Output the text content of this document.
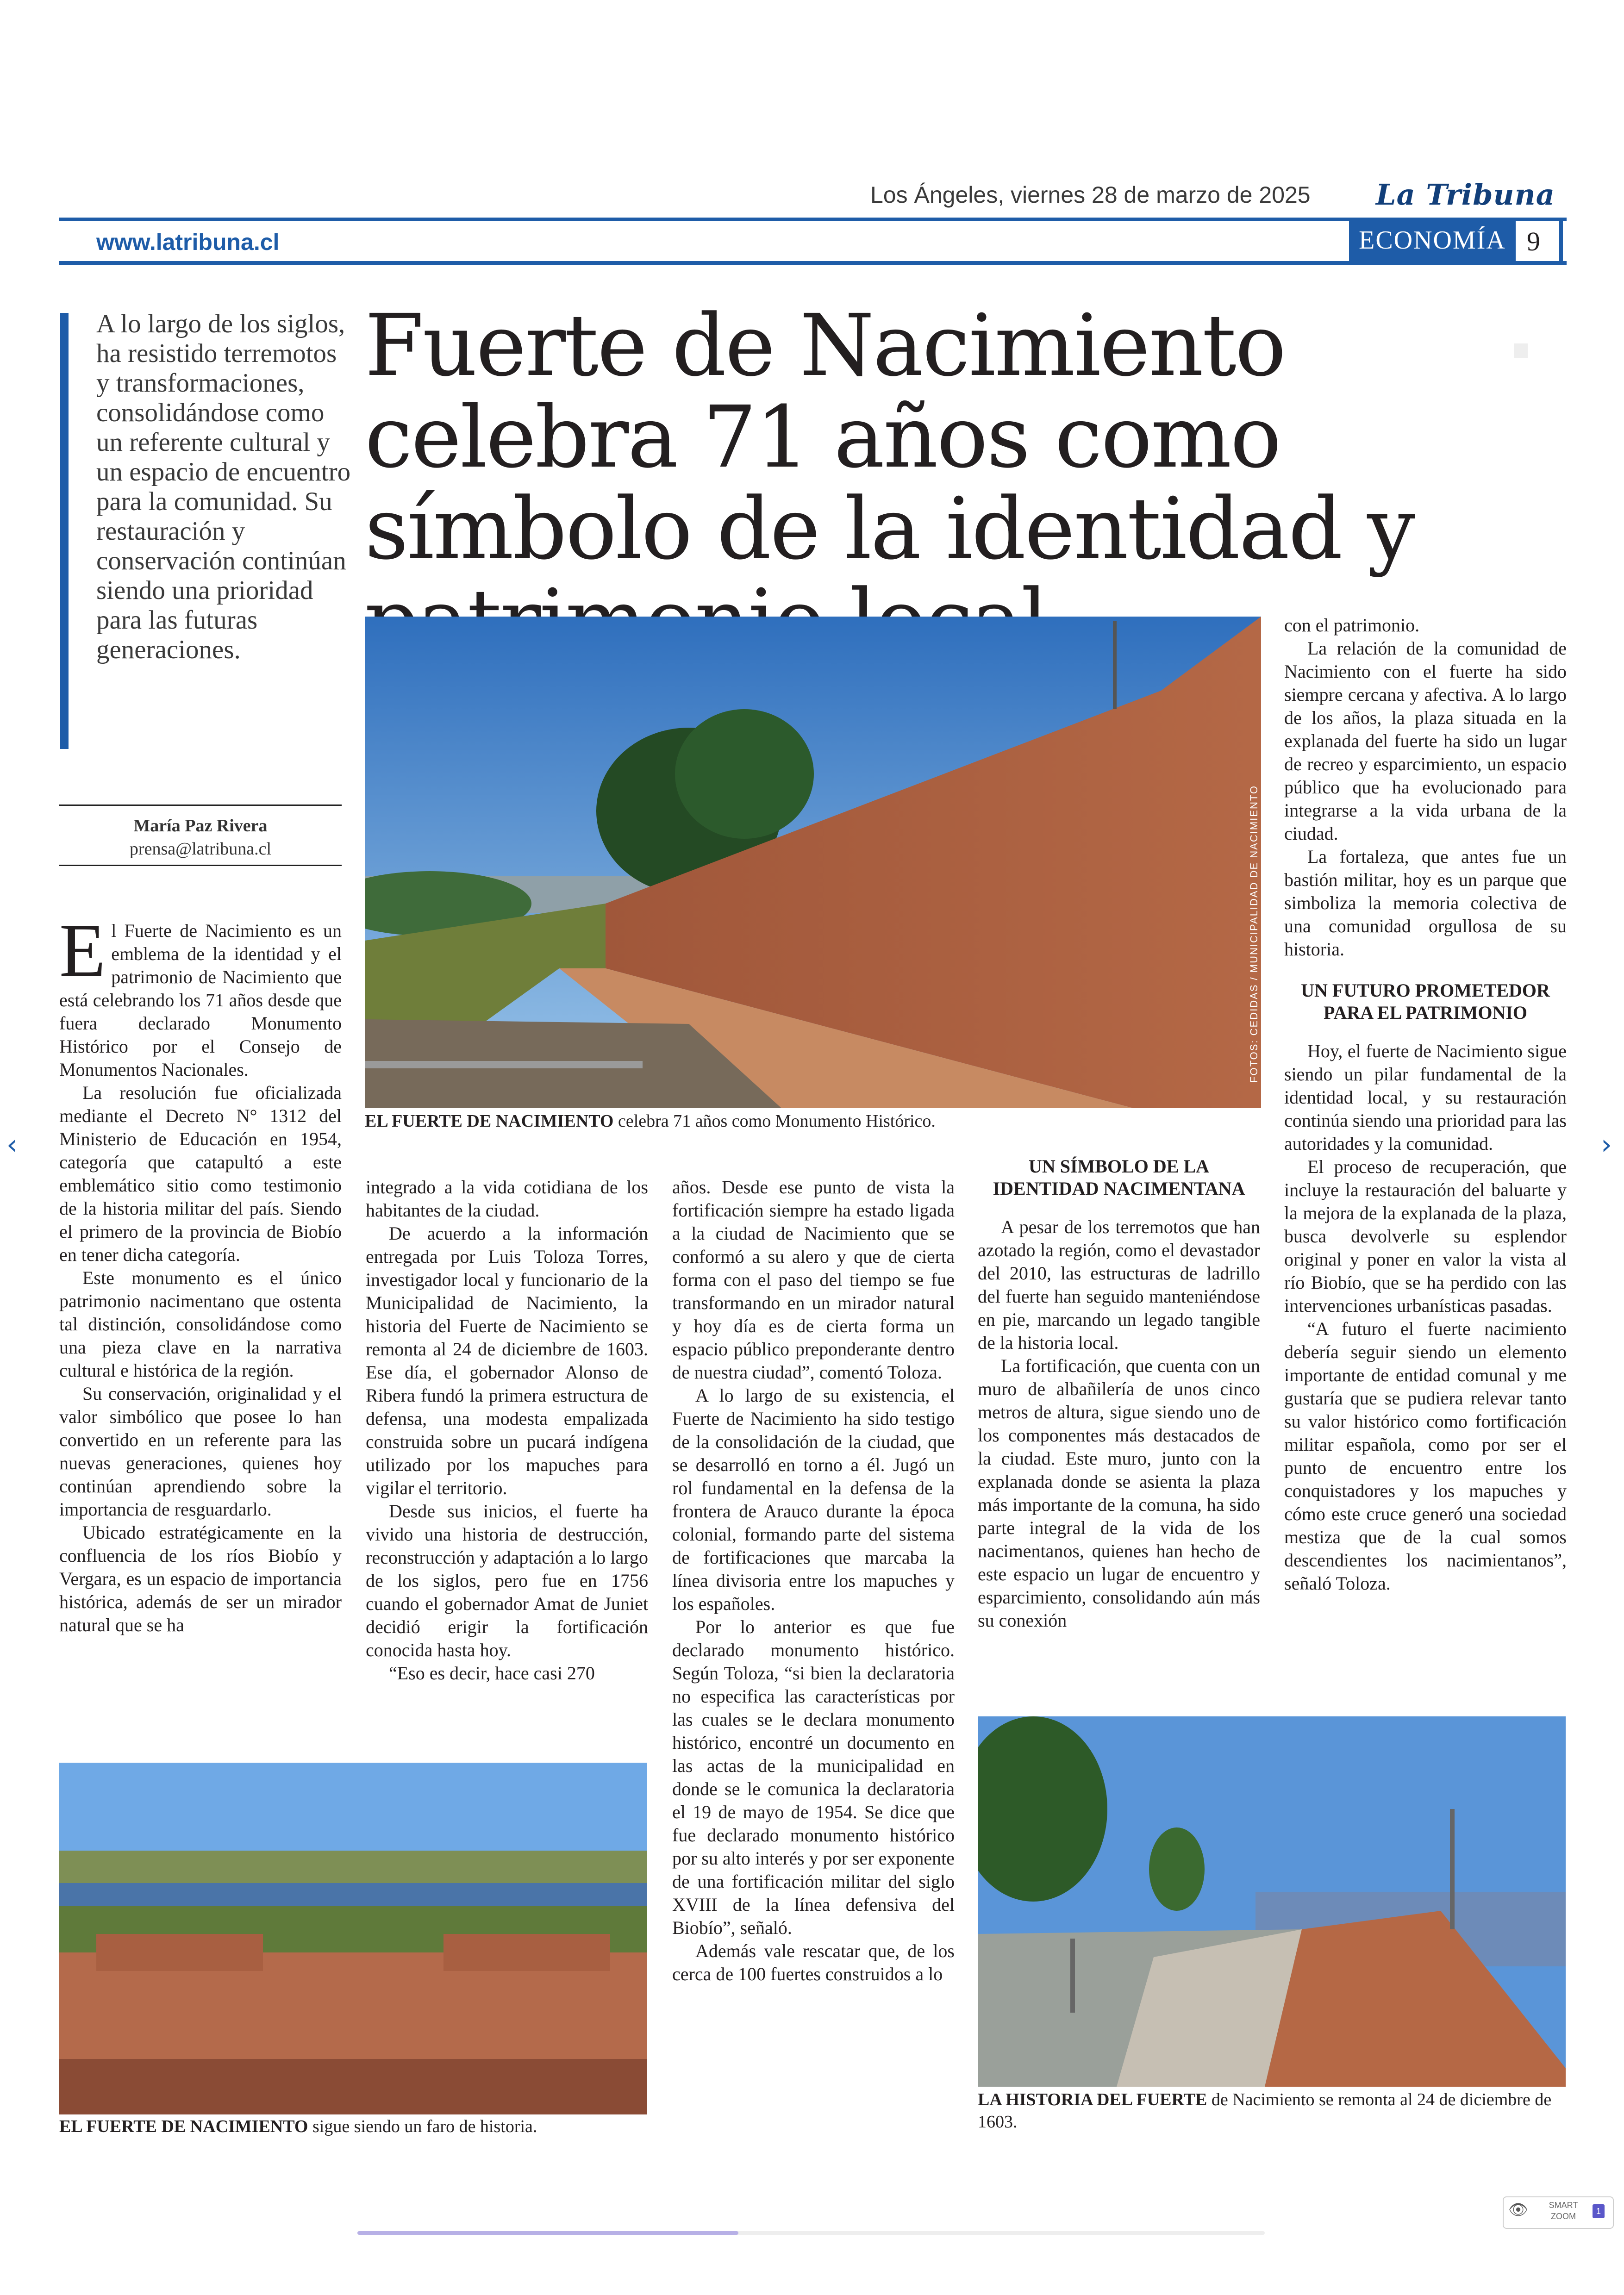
Los Ángeles, viernes 28 de marzo de 2025 La Tribuna
www.latribuna.cl	ECONOMÍA 9
A lo largo de los siglos, ha resistido terremotos y transformaciones, consolidándose como un referente cultural y un espacio de encuentro para la comunidad. Su restauración y conservación continúan siendo una prioridad para las futuras generaciones.
María Paz Rivera
prensa@latribuna.cl
Fuerte de Nacimiento celebra 71 años como símbolo de la identidad y
FOTOS: CEDIDAS / MUNICIPALIDAD DE NACIMIENTO
EL FUERTE DE NACIMIENTO celebra 71 años como Monumento Histórico.

El Fuerte de Nacimiento es un emblema de la identidad y el patrimonio de Nacimiento que está celebrando los 71 años desde que fuera declarado Monumento Histórico por el Consejo de Monumentos Nacionales.

La resolución fue oficializada mediante el Decreto N° 1312 del Ministerio de Educación en 1954, categoría que catapultó a este emblemático sitio como testimonio de la historia militar del país. Siendo el primero de la provincia de Biobío en tener dicha categoría.

Este monumento es el único patrimonio nacimentano que ostenta tal distinción, consolidándose como una pieza clave en la narrativa cultural e histórica de la región.

Su conservación, originalidad y el valor simbólico que posee lo han convertido en un referente para las nuevas generaciones, quienes hoy continúan aprendiendo sobre la importancia de resguardarlo.

Ubicado estratégicamente en la confluencia de los ríos Biobío y Vergara, es un espacio de importancia histórica, además de ser un mirador natural que se ha

integrado a la vida cotidiana de los habitantes de la ciudad.

De acuerdo a la información entregada por Luis Toloza Torres, investigador local y funcionario de la Municipalidad de Nacimiento, la historia del Fuerte de Nacimiento se remonta al 24 de diciembre de 1603. Ese día, el gobernador Alonso de Ribera fundó la primera estructura de defensa, una modesta empalizada construida sobre un pucará indígena utilizado por los mapuches para vigilar el territorio.

Desde sus inicios, el fuerte ha vivido una historia de destrucción, reconstrucción y adaptación a lo largo de los siglos, pero fue en 1756 cuando el gobernador Amat de Juniet decidió erigir la fortificación conocida hasta hoy.

“Eso es decir, hace casi 270

años. Desde ese punto de vista la fortificación siempre ha estado ligada a la ciudad de Nacimiento que se conformó a su alero y que de cierta forma con el paso del tiempo se fue transformando en un mirador natural y hoy día es de cierta forma un espacio público preponderante dentro de nuestra ciudad”, comentó Toloza.

A lo largo de su existencia, el Fuerte de Nacimiento ha sido testigo de la consolidación de la ciudad, que se desarrolló en torno a él. Jugó un rol fundamental en la defensa de la frontera de Arauco durante la época colonial, formando parte del sistema de fortificaciones que marcaba la línea divisoria entre los mapuches y los españoles.

Por lo anterior es que fue declarado monumento histórico. Según Toloza, “si bien la declaratoria no especifica las características por las cuales se le declara monumento histórico, encontré un documento en las actas de la municipalidad en donde se le comunica la declaratoria el 19 de mayo de 1954. Se dice que fue declarado monumento histórico por su alto interés y por ser exponente de una fortificación militar del siglo XVIII de la línea defensiva del Biobío”, señaló.

Además vale rescatar que, de los cerca de 100 fuertes construidos a lo

UN SÍMBOLO DE LA IDENTIDAD NACIMENTANA

A pesar de los terremotos que han azotado la región, como el devastador del 2010, las estructuras de ladrillo del fuerte han seguido manteniéndose en pie, marcando un legado tangible de la historia local.

La fortificación, que cuenta con un muro de albañilería de unos cinco metros de altura, sigue siendo uno de los componentes más destacados de la ciudad. Este muro, junto con la explanada donde se asienta la plaza más importante de la comuna, ha sido parte integral de la vida de los nacimentanos, quienes han hecho de este espacio un lugar de encuentro y esparcimiento, consolidando aún más su conexión

con el patrimonio.

La relación de la comunidad de Nacimiento con el fuerte ha sido siempre cercana y afectiva. A lo largo de los años, la plaza situada en la explanada del fuerte ha sido un lugar de recreo y esparcimiento, un espacio público que ha evolucionado para integrarse a la vida urbana de la ciudad.

La fortaleza, que antes fue un bastión militar, hoy es un parque que simboliza la memoria colectiva de una comunidad orgullosa de su historia.

UN FUTURO PROMETEDOR PARA EL PATRIMONIO

Hoy, el fuerte de Nacimiento sigue siendo un pilar fundamental de la identidad local, y su restauración continúa siendo una prioridad para las autoridades y la comunidad.

El proceso de recuperación, que incluye la restauración del baluarte y la mejora de la explanada de la plaza, busca devolverle su esplendor original y poner en valor la vista al río Biobío, que se ha perdido con las intervenciones urbanísticas pasadas.

“A futuro el fuerte nacimiento debería seguir siendo un elemento importante de entidad comunal y me gustaría que se pudiera relevar tanto su valor histórico como fortificación militar española, como por ser el punto de encuentro entre los conquistadores y los mapuches y cómo este cruce generó una sociedad mestiza que de la cual somos descendientes los nacimientanos”, señaló Toloza.

EL FUERTE DE NACIMIENTO sigue siendo un faro de historia.
LA HISTORIA DEL FUERTE de Nacimiento se remonta al 24 de diciembre de 1603.
‹	›
👁	SMART ZOOM
1
